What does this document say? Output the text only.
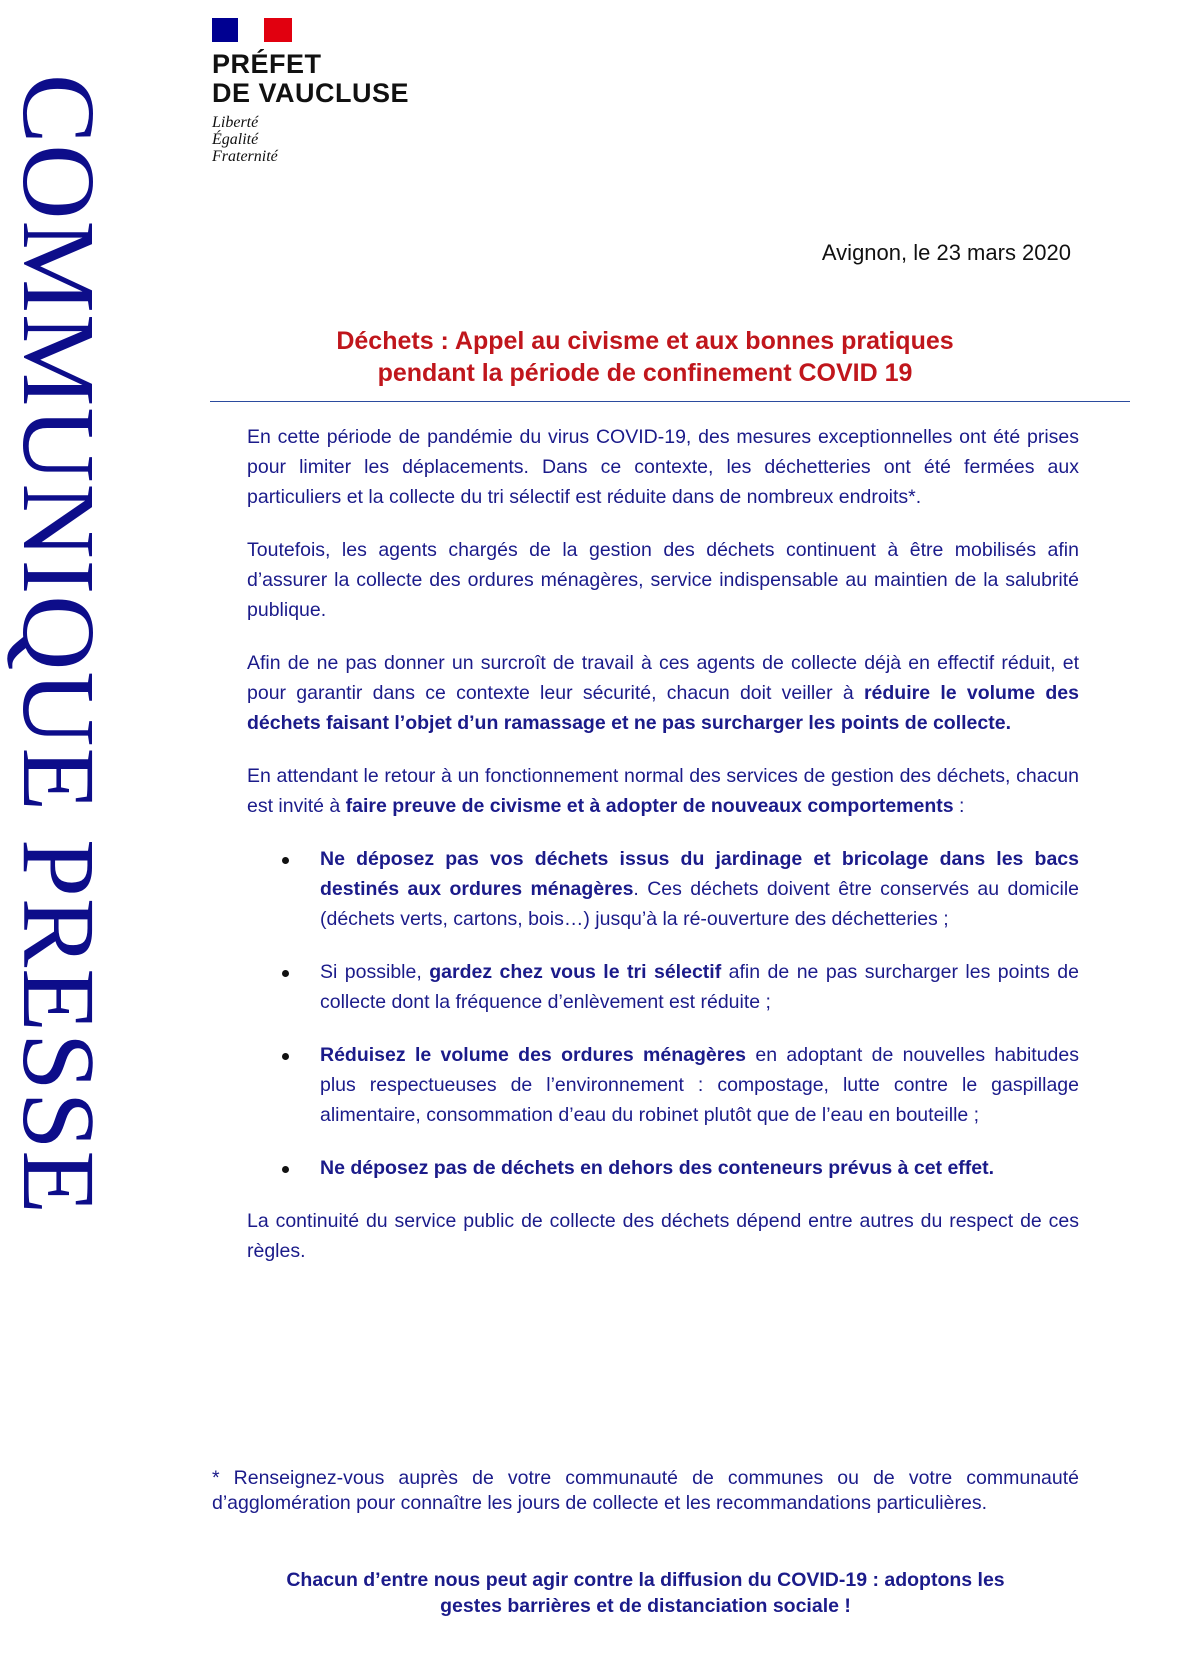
COMMUNIQUE PRESSE
PRÉFET
DE VAUCLUSE
Liberté
Égalité
Fraternité
Avignon, le 23 mars 2020
Déchets : Appel au civisme et aux bonnes pratiques
pendant la période de confinement COVID 19

En cette période de pandémie du virus COVID-19, des mesures exceptionnelles ont été prises pour limiter les déplacements. Dans ce contexte, les déchetteries ont été fermées aux particuliers et la collecte du tri sélectif est réduite dans de nombreux endroits*.

Toutefois, les agents chargés de la gestion des déchets continuent à être mobilisés afin d’assurer la collecte des ordures ménagères, service indispensable au maintien de la salubrité publique.

Afin de ne pas donner un surcroît de travail à ces agents de collecte déjà en effectif réduit, et pour garantir dans ce contexte leur sécurité, chacun doit veiller à réduire le volume des déchets faisant l’objet d’un ramassage et ne pas surcharger les points de collecte.

En attendant le retour à un fonctionnement normal des services de gestion des déchets, chacun est invité à faire preuve de civisme et à adopter de nouveaux comportements :

Ne déposez pas vos déchets issus du jardinage et bricolage dans les bacs destinés aux ordures ménagères. Ces déchets doivent être conservés au domicile (déchets verts, cartons, bois…) jusqu’à la ré-ouverture des déchetteries ;
Si possible, gardez chez vous le tri sélectif afin de ne pas surcharger les points de collecte dont la fréquence d’enlèvement est réduite ;
Réduisez le volume des ordures ménagères en adoptant de nouvelles habitudes plus respectueuses de l’environnement : compostage, lutte contre le gaspillage alimentaire, consommation d’eau du robinet plutôt que de l’eau en bouteille ;
Ne déposez pas de déchets en dehors des conteneurs prévus à cet effet.

La continuité du service public de collecte des déchets dépend entre autres du respect de ces règles.

* Renseignez-vous auprès de votre communauté de communes ou de votre communauté d’agglomération pour connaître les jours de collecte et les recommandations particulières.
Chacun d’entre nous peut agir contre la diffusion du COVID-19 : adoptons les
gestes barrières et de distanciation sociale !
